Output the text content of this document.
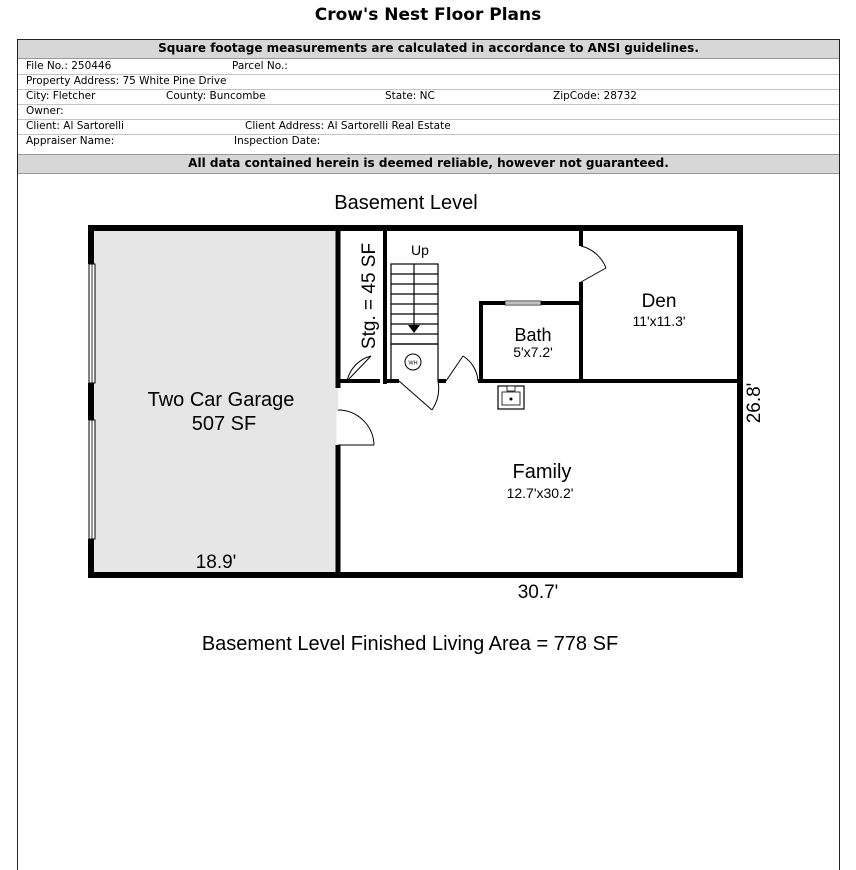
Crow's Nest Floor Plans
Square footage measurements are calculated in accordance to ANSI guidelines.
File No.: 250446	Parcel No.:
Property Address: 75 White Pine Drive
City: Fletcher	County: Buncombe	State: NC	ZipCode: 28732
Owner:
Client: Al Sartorelli	Client Address: Al Sartorelli Real Estate
Appraiser Name:	Inspection Date:
All data contained herein is deemed reliable, however not guaranteed.
WH
Basement Level
Two Car Garage
507 SF
18.9'
Stg. = 45 SF Up
Bath
5'x7.2'
Den
11'x11.3'
Family
12.7'x30.2'
30.7'
26.8'
Basement Level Finished Living Area = 778 SF
